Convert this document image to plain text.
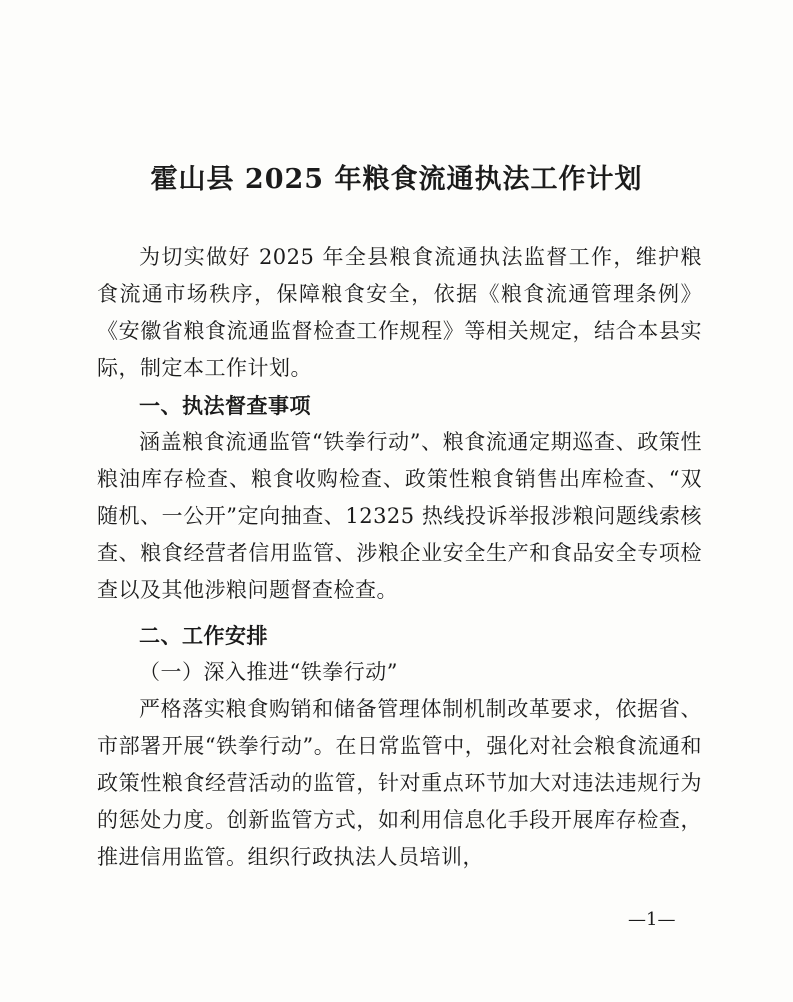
霍山县 2025 年粮食流通执法工作计划

为切实做好 2025 年全县粮食流通执法监督工作，维护粮食流通市场秩序，保障粮食安全，依据《粮食流通管理条例》《安徽省粮食流通监督检查工作规程》等相关规定，结合本县实际，制定本工作计划。

一、执法督查事项

涵盖粮食流通监管“铁拳行动”、粮食流通定期巡查、政策性粮油库存检查、粮食收购检查、政策性粮食销售出库检查、“双随机、一公开”定向抽查、12325 热线投诉举报涉粮问题线索核查、粮食经营者信用监管、涉粮企业安全生产和食品安全专项检查以及其他涉粮问题督查检查。

二、工作安排
（一）深入推进“铁拳行动”

严格落实粮食购销和储备管理体制机制改革要求，依据省、市部署开展“铁拳行动”。在日常监管中，强化对社会粮食流通和政策性粮食经营活动的监管，针对重点环节加大对违法违规行为的惩处力度。创新监管方式，如利用信息化手段开展库存检查，推进信用监管。组织行政执法人员培训，

—1—
